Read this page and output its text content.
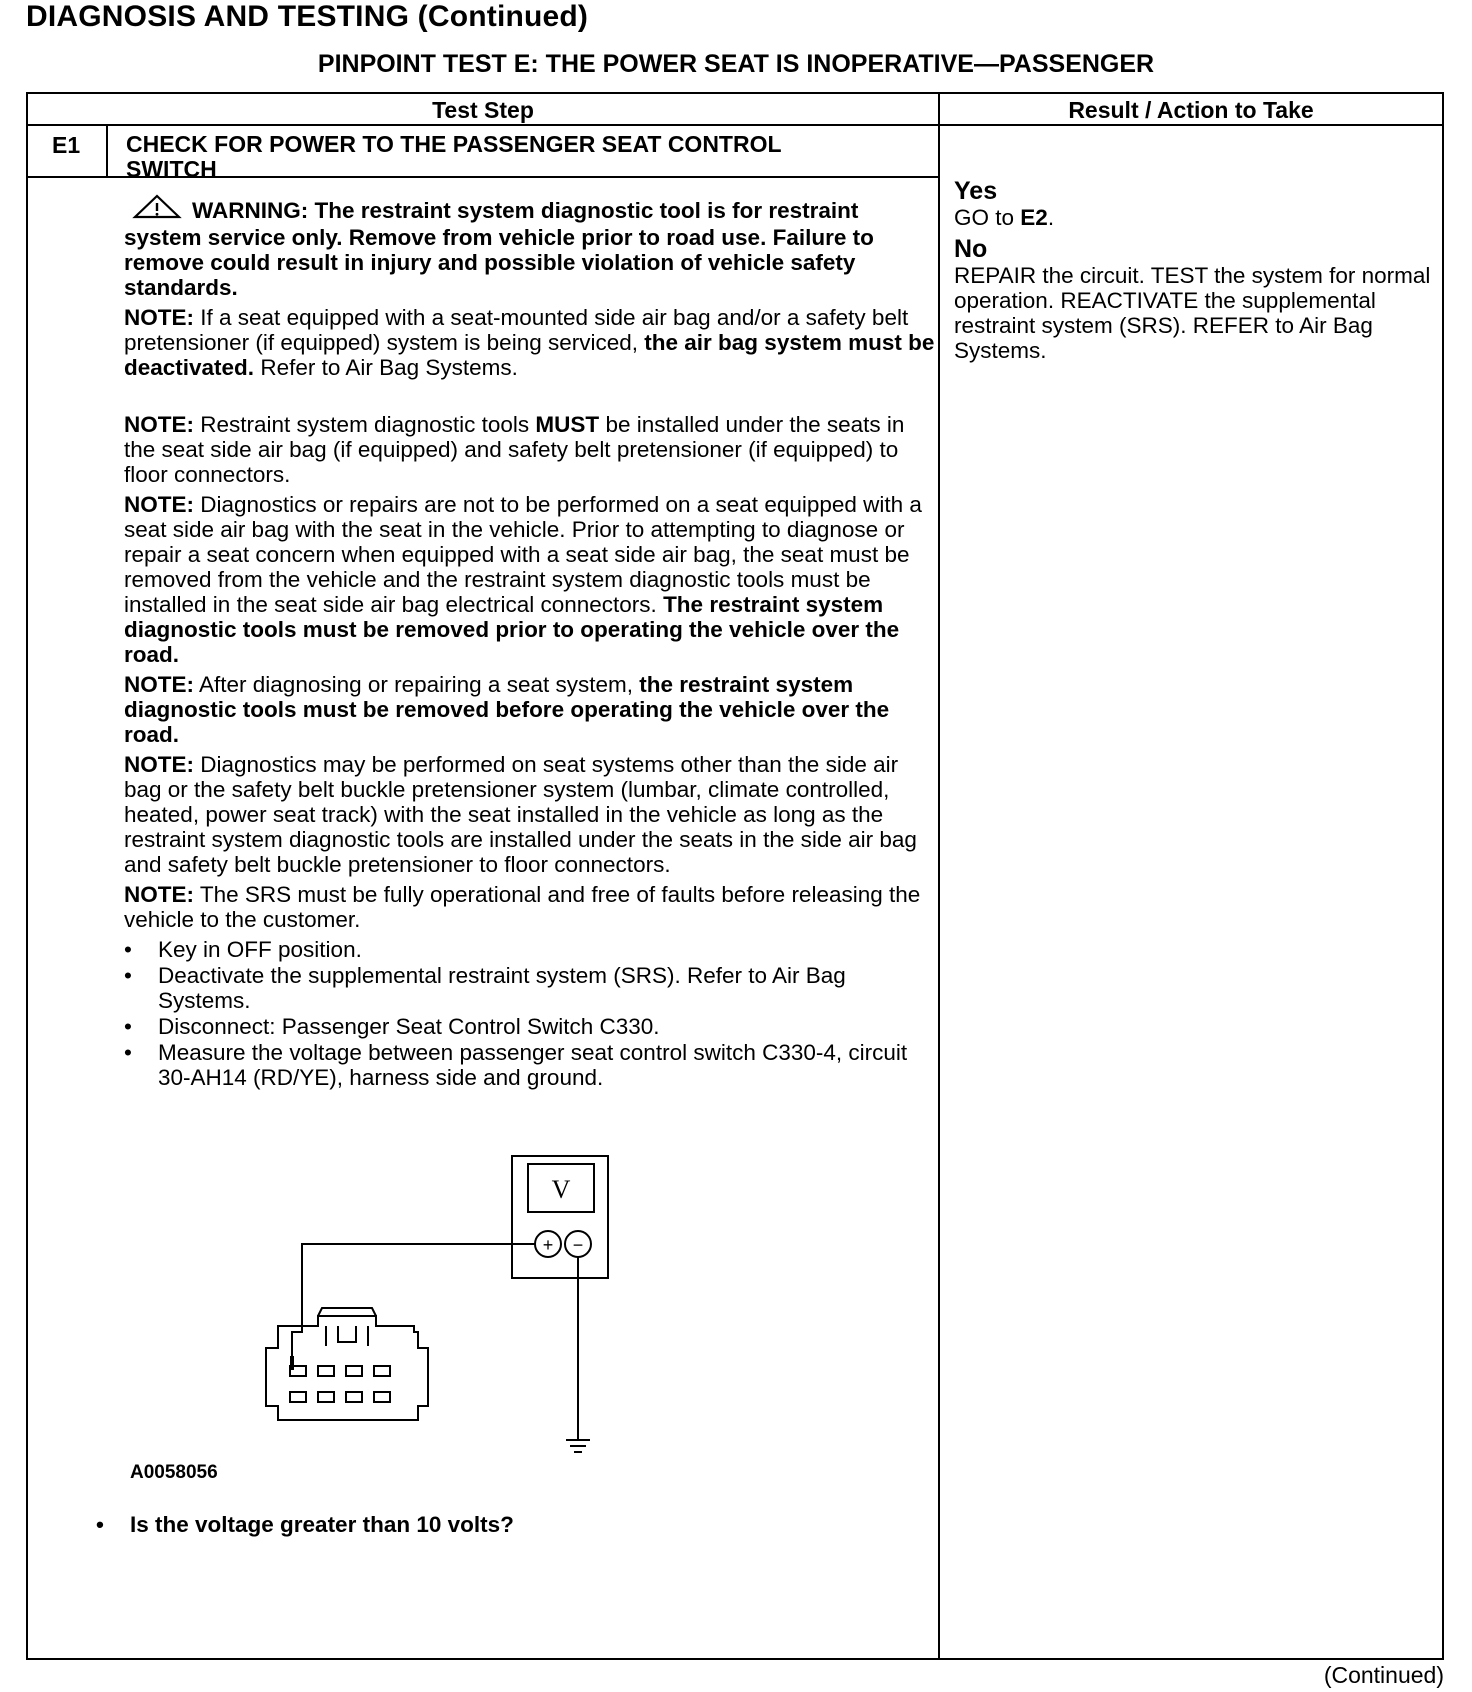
DIAGNOSIS AND TESTING (Continued)
PINPOINT TEST E: THE POWER SEAT IS INOPERATIVE—PASSENGER
Test Step	Result / Action to Take
E1 CHECK FOR POWER TO THE PASSENGER SEAT CONTROL
SWITCH

WARNING: The restraint system diagnostic tool is for restraint system service only. Remove from vehicle prior to road use. Failure to remove could result in injury and possible violation of vehicle safety standards.

NOTE: If a seat equipped with a seat-mounted side air bag and/or a safety belt pretensioner (if equipped) system is being serviced, the air bag system must be deactivated. Refer to Air Bag Systems.

NOTE: Restraint system diagnostic tools MUST be installed under the seats in the seat side air bag (if equipped) and safety belt pretensioner (if equipped) to floor connectors.

NOTE: Diagnostics or repairs are not to be performed on a seat equipped with a seat side air bag with the seat in the vehicle. Prior to attempting to diagnose or repair a seat concern when equipped with a seat side air bag, the seat must be removed from the vehicle and the restraint system diagnostic tools must be installed in the seat side air bag electrical connectors. The restraint system diagnostic tools must be removed prior to operating the vehicle over the road.

NOTE: After diagnosing or repairing a seat system, the restraint system diagnostic tools must be removed before operating the vehicle over the road.

NOTE: Diagnostics may be performed on seat systems other than the side air bag or the safety belt buckle pretensioner system (lumbar, climate controlled, heated, power seat track) with the seat installed in the vehicle as long as the restraint system diagnostic tools are installed under the seats in the side air bag and safety belt buckle pretensioner to floor connectors.

NOTE: The SRS must be fully operational and free of faults before releasing the vehicle to the customer.

• Key in OFF position.
• Deactivate the supplemental restraint system (SRS). Refer to Air Bag Systems.
• Disconnect: Passenger Seat Control Switch C330.
• Measure the voltage between passenger seat control switch C330-4, circuit 30-AH14 (RD/YE), harness side and ground.
Yes
GO to E2.
No
REPAIR the circuit. TEST the system for normal operation. REACTIVATE the supplemental restraint system (SRS). REFER to Air Bag Systems.
V
+ −
A0058056
• Is the voltage greater than 10 volts?
(Continued)
